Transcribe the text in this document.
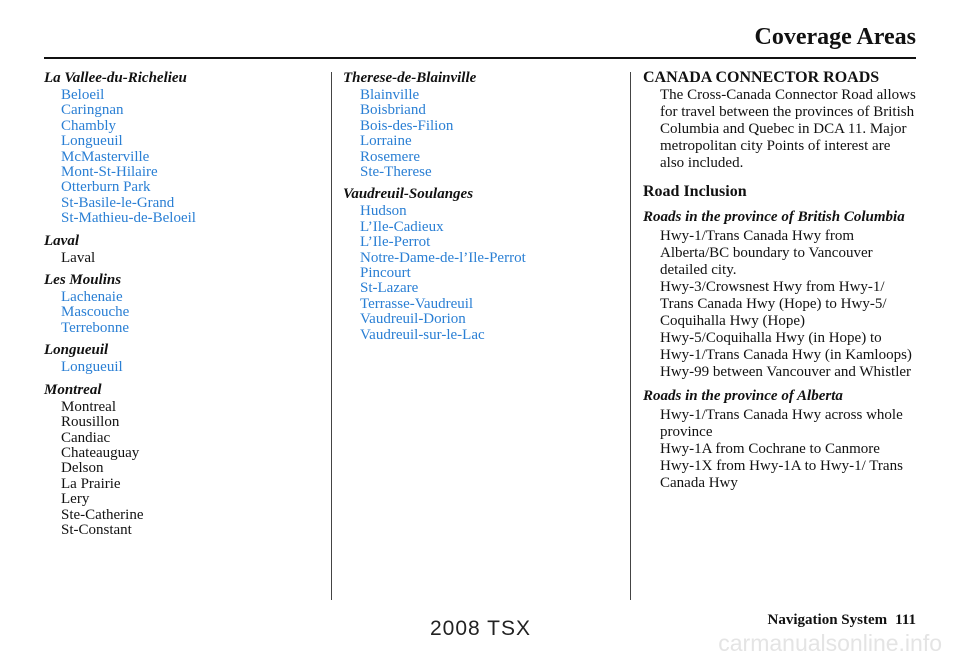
Coverage Areas
La Vallee-du-Richelieu
Beloeil
Caringnan
Chambly
Longueuil
McMasterville
Mont-St-Hilaire
Otterburn Park
St-Basile-le-Grand
St-Mathieu-de-Beloeil
Laval
Laval
Les Moulins
Lachenaie
Mascouche
Terrebonne
Longueuil
Longueuil
Montreal
Montreal
Rousillon
Candiac
Chateauguay
Delson
La Prairie
Lery
Ste-Catherine
St-Constant
Therese-de-Blainville
Blainville
Boisbriand
Bois-des-Filion
Lorraine
Rosemere
Ste-Therese
Vaudreuil-Soulanges
Hudson
L’Ile-Cadieux
L’Ile-Perrot
Notre-Dame-de-l’Ile-Perrot
Pincourt
St-Lazare
Terrasse-Vaudreuil
Vaudreuil-Dorion
Vaudreuil-sur-le-Lac
CANADA CONNECTOR ROADS

The Cross-Canada Connector Road allows for travel between the provinces of British Columbia and Quebec in DCA 11. Major metropolitan city Points of interest are also included.

Road Inclusion
Roads in the province of British Columbia

Hwy-1/Trans Canada Hwy from Alberta/BC boundary to Vancouver detailed city.

Hwy-3/Crowsnest Hwy from Hwy-1/ Trans Canada Hwy (Hope) to Hwy-5/ Coquihalla Hwy (Hope)

Hwy-5/Coquihalla Hwy (in Hope) to Hwy-1/Trans Canada Hwy (in Kamloops)

Hwy-99 between Vancouver and Whistler

Roads in the province of Alberta

Hwy-1/Trans Canada Hwy across whole province

Hwy-1A from Cochrane to Canmore

Hwy-1X from Hwy-1A to Hwy-1/ Trans Canada Hwy

Navigation System 111
2008 TSX
carmanualsonline.info
